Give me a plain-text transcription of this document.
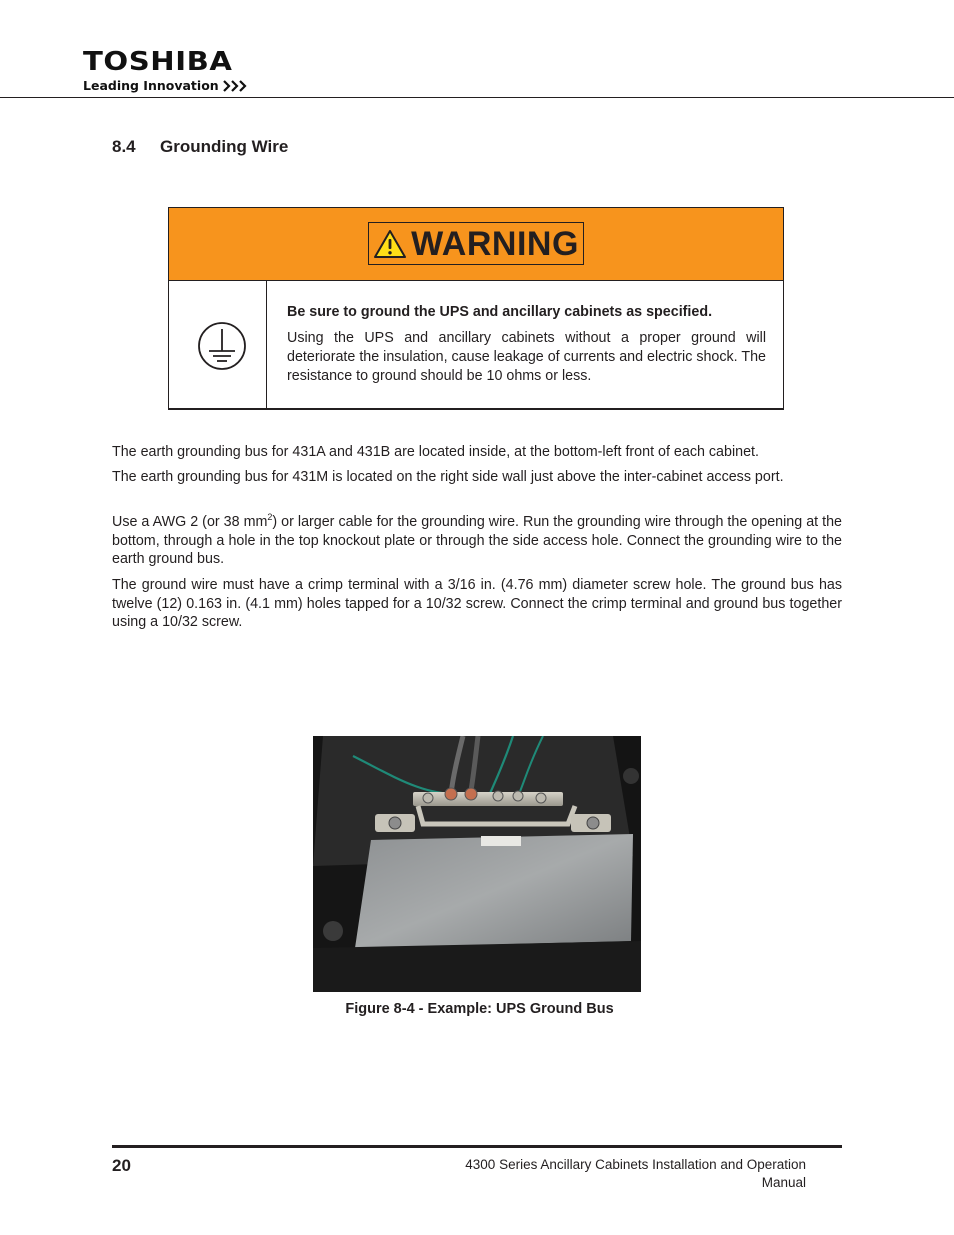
TOSHIBA
Leading Innovation
8.4 Grounding Wire
WARNING

Be sure to ground the UPS and ancillary cabinets as specified.

Using the UPS and ancillary cabinets without a proper ground will deteriorate the insulation, cause leakage of currents and electric shock. The resistance to ground should be 10 ohms or less.

The earth grounding bus for 431A and 431B are located inside, at the bottom-left front of each cabinet.

The earth grounding bus for 431M is located on the right side wall just above the inter-cabinet access port.

Use a AWG 2 (or 38 $mm^2$) or larger cable for the grounding wire. Run the grounding wire through the opening at the bottom, through a hole in the top knockout plate or through the side access hole. Connect the grounding wire to the earth ground bus.

The ground wire must have a crimp terminal with a 3/16 in. (4.76 mm) diameter screw hole. The ground bus has twelve (12) 0.163 in. (4.1 mm) holes tapped for a 10/32 screw. Connect the crimp terminal and ground bus together using a 10/32 screw.

Figure 8-4 - Example: UPS Ground Bus
20	4300 Series Ancillary Cabinets Installation and Operation Manual
